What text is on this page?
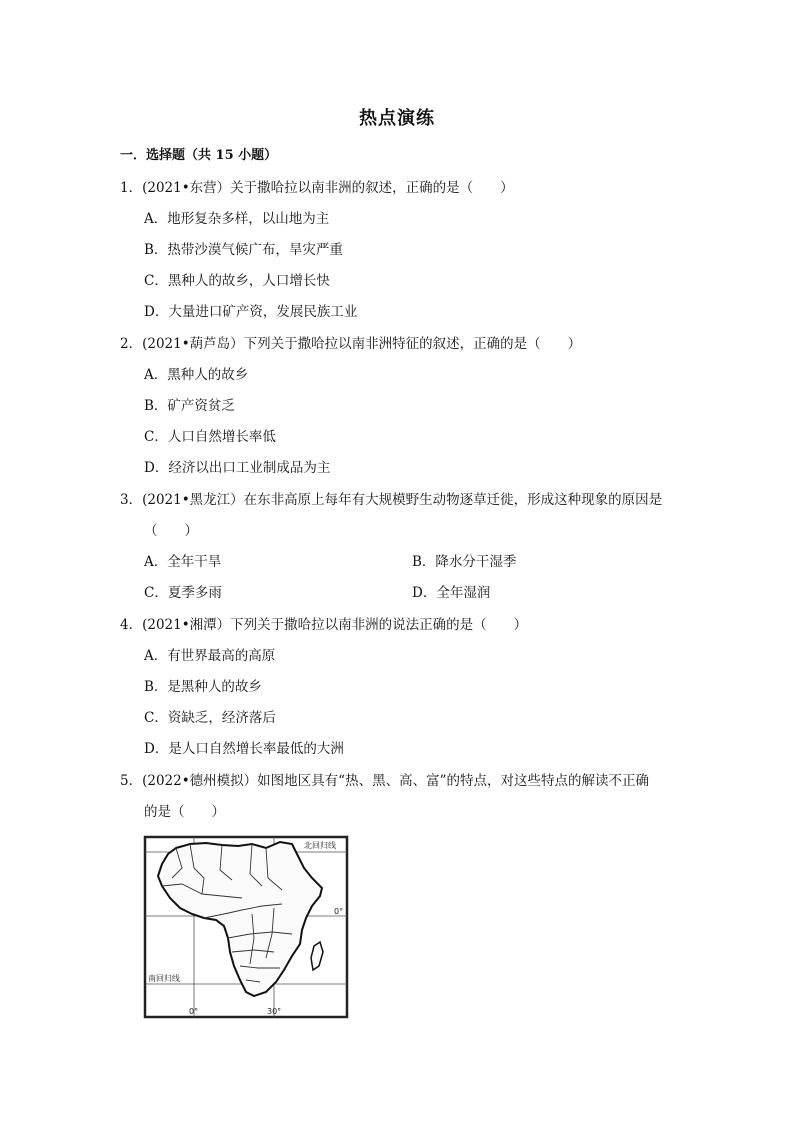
热点演练
一．选择题（共 15 小题）
1．(2021•东营）关于撒哈拉以南非洲的叙述，正确的是（　　）
A．地形复杂多样，以山地为主
B．热带沙漠气候广布，旱灾严重
C．黑种人的故乡，人口增长快
D．大量进口矿产资，发展民族工业
2．(2021•葫芦岛）下列关于撒哈拉以南非洲特征的叙述，正确的是（　　）
A．黑种人的故乡
B．矿产资贫乏
C．人口自然增长率低
D．经济以出口工业制成品为主
3．(2021•黑龙江）在东非高原上每年有大规模野生动物逐草迁徙，形成这种现象的原因是
（　　）
A．全年干旱	B．降水分干湿季
C．夏季多雨	D．全年湿润
4．(2021•湘潭）下列关于撒哈拉以南非洲的说法正确的是（　　）
A．有世界最高的高原
B．是黑种人的故乡
C．资缺乏，经济落后
D．是人口自然增长率最低的大洲
5．(2022•德州模拟）如图地区具有“热、黑、高、富”的特点，对这些特点的解读不正确
的是（　　）
北回归线
南回归线
0°
0°	30°
